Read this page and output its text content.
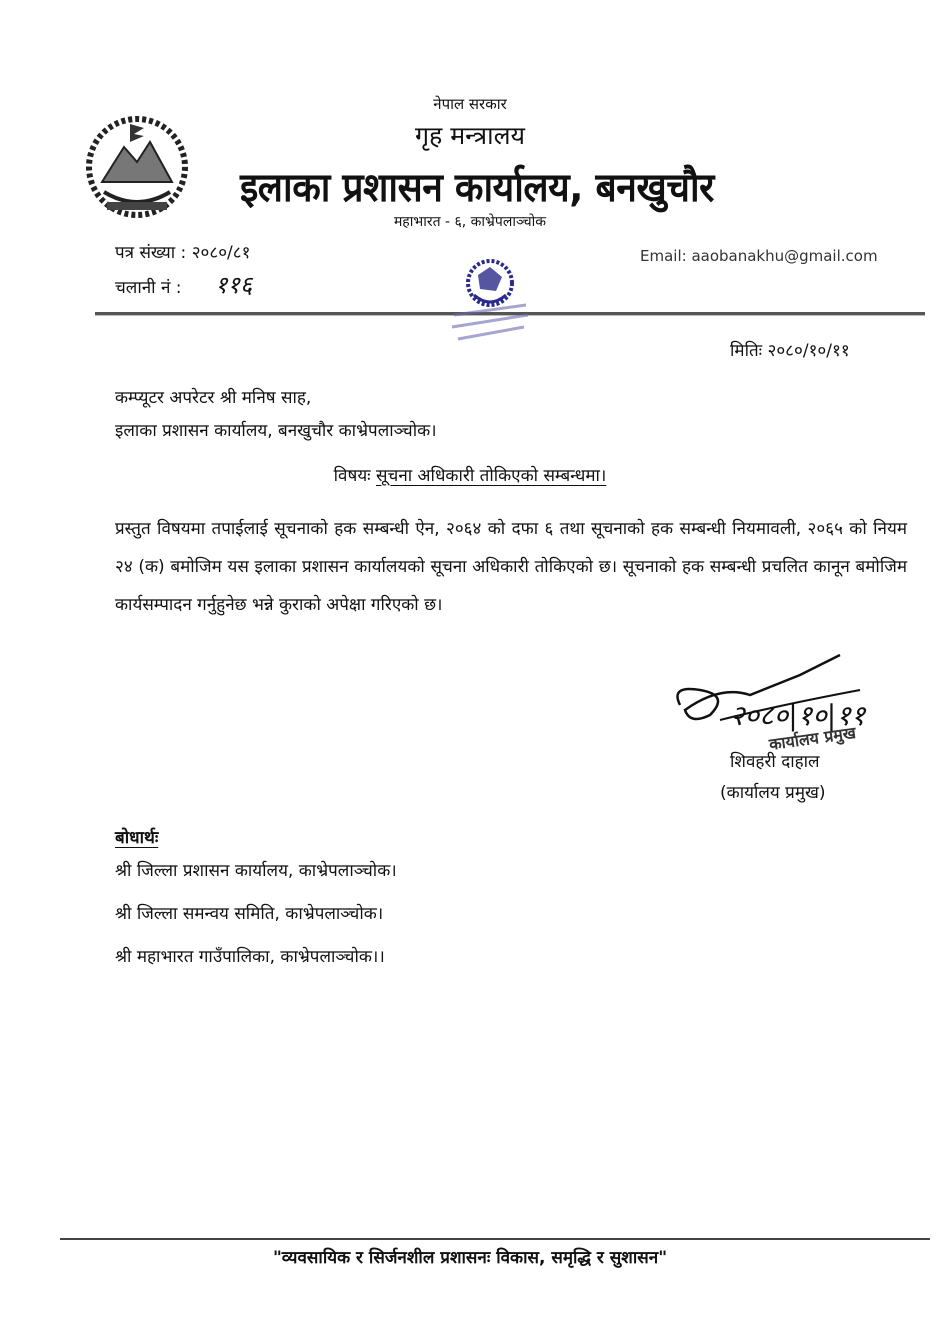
नेपाल सरकार
गृह मन्त्रालय
इलाका प्रशासन कार्यालय, बनखुचौर
महाभारत - ६, काभ्रेपलाञ्चोक
पत्र संख्या : २०८०/८१
चलानी नं : ११६
Email: aaobanakhu@gmail.com
मितिः २०८०/१०/११
कम्प्यूटर अपरेटर श्री मनिष साह,
इलाका प्रशासन कार्यालय, बनखुचौर काभ्रेपलाञ्चोक।
विषयः सूचना अधिकारी तोकिएको सम्बन्धमा।
प्रस्तुत विषयमा तपाईलाई सूचनाको हक सम्बन्धी ऐन, २०६४ को दफा ६ तथा सूचनाको हक सम्बन्धी नियमावली, २०६५ को नियम २४ (क) बमोजिम यस इलाका प्रशासन कार्यालयको सूचना अधिकारी तोकिएको छ। सूचनाको हक सम्बन्धी प्रचलित कानून बमोजिम कार्यसम्पादन गर्नुहुनेछ भन्ने कुराको अपेक्षा गरिएको छ।
२०८०|१०|११
कार्यालय प्रमुख
शिवहरी दाहाल
(कार्यालय प्रमुख)
बोधार्थः
श्री जिल्ला प्रशासन कार्यालय, काभ्रेपलाञ्चोक।
श्री जिल्ला समन्वय समिति, काभ्रेपलाञ्चोक।
श्री महाभारत गाउँपालिका, काभ्रेपलाञ्चोक।।
"व्यवसायिक र सिर्जनशील प्रशासनः विकास, समृद्धि र सुशासन"
